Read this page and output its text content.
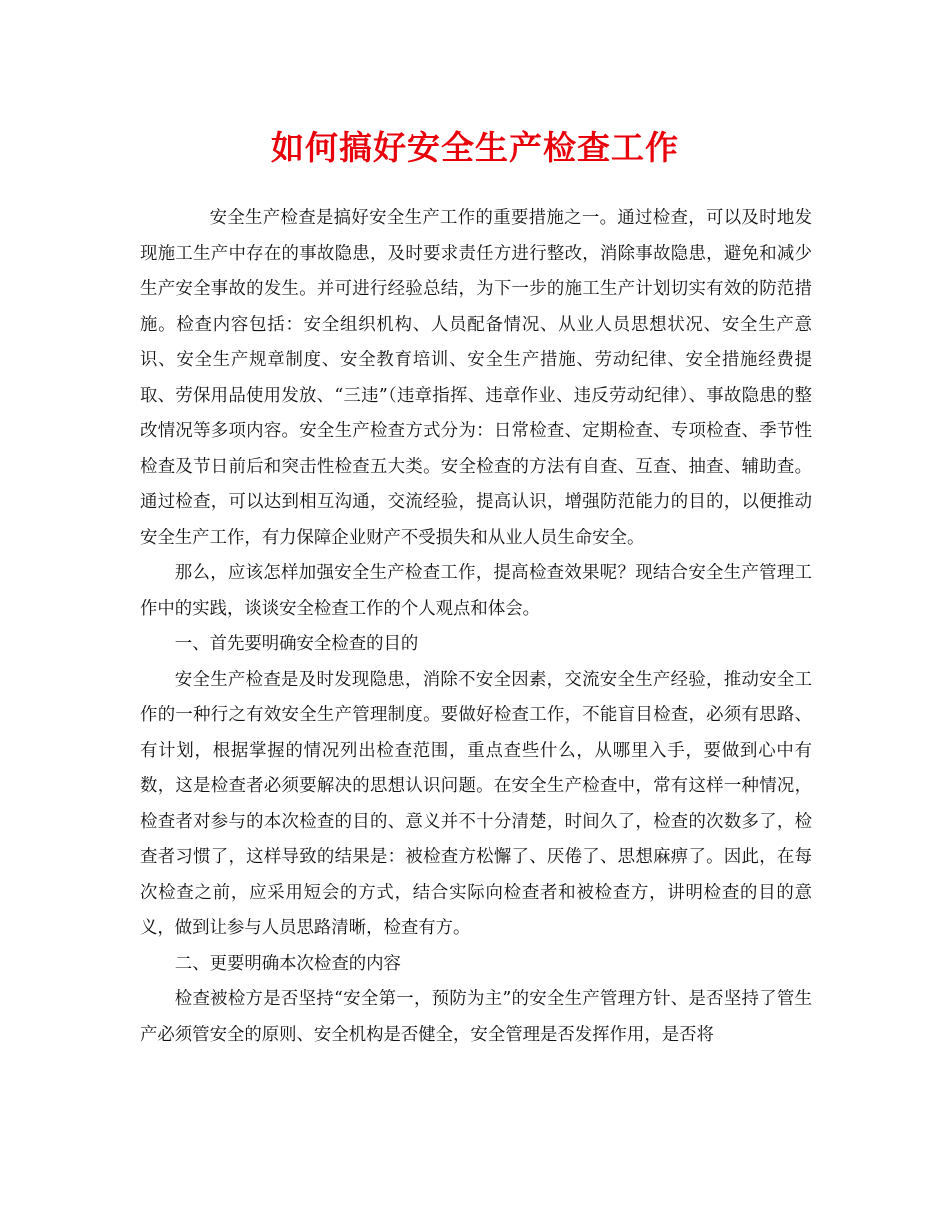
如何搞好安全生产检查工作

安全生产检查是搞好安全生产工作的重要措施之一。通过检查，可以及时地发现施工生产中存在的事故隐患，及时要求责任方进行整改，消除事故隐患，避免和减少生产安全事故的发生。并可进行经验总结，为下一步的施工生产计划切实有效的防范措施。检查内容包括：安全组织机构、人员配备情况、从业人员思想状况、安全生产意识、安全生产规章制度、安全教育培训、安全生产措施、劳动纪律、安全措施经费提取、劳保用品使用发放、“三违”（违章指挥、违章作业、违反劳动纪律）、事故隐患的整改情况等多项内容。安全生产检查方式分为：日常检查、定期检查、专项检查、季节性检查及节日前后和突击性检查五大类。安全检查的方法有自查、互查、抽查、辅助查。通过检查，可以达到相互沟通，交流经验，提高认识，增强防范能力的目的，以便推动安全生产工作，有力保障企业财产不受损失和从业人员生命安全。

那么，应该怎样加强安全生产检查工作，提高检查效果呢？现结合安全生产管理工作中的实践，谈谈安全检查工作的个人观点和体会。

一、首先要明确安全检查的目的

安全生产检查是及时发现隐患，消除不安全因素，交流安全生产经验，推动安全工作的一种行之有效安全生产管理制度。要做好检查工作，不能盲目检查，必须有思路、有计划，根据掌握的情况列出检查范围，重点查些什么，从哪里入手，要做到心中有数，这是检查者必须要解决的思想认识问题。在安全生产检查中，常有这样一种情况，检查者对参与的本次检查的目的、意义并不十分清楚，时间久了，检查的次数多了，检查者习惯了，这样导致的结果是：被检查方松懈了、厌倦了、思想麻痹了。因此，在每次检查之前，应采用短会的方式，结合实际向检查者和被检查方，讲明检查的目的意义，做到让参与人员思路清晰，检查有方。

二、更要明确本次检查的内容

检查被检方是否坚持“安全第一，预防为主”的安全生产管理方针、是否坚持了管生产必须管安全的原则、安全机构是否健全，安全管理是否发挥作用，是否将
